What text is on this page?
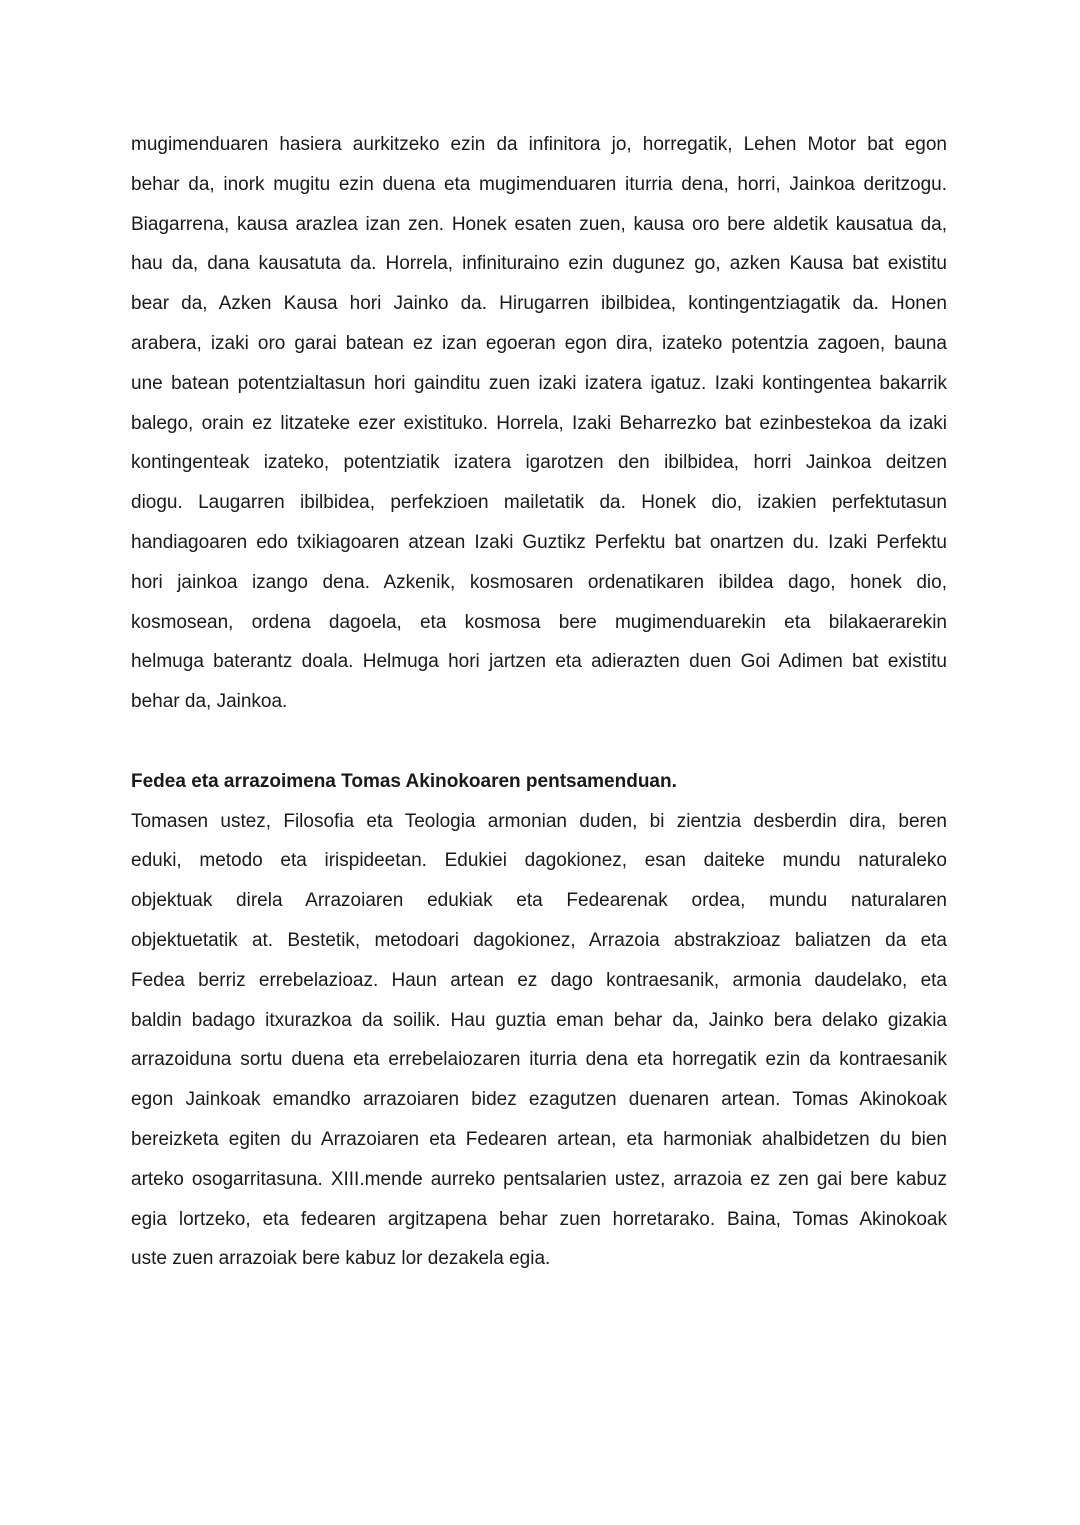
mugimenduaren hasiera aurkitzeko ezin da infinitora jo, horregatik, Lehen Motor bat egon
behar da, inork mugitu ezin duena eta mugimenduaren iturria dena, horri, Jainkoa deritzogu.
Biagarrena, kausa arazlea izan zen. Honek esaten zuen, kausa oro bere aldetik kausatua da,
hau da, dana kausatuta da. Horrela, infinituraino ezin dugunez go, azken Kausa bat existitu
bear da, Azken Kausa hori Jainko da. Hirugarren ibilbidea, kontingentziagatik da. Honen
arabera, izaki oro garai batean ez izan egoeran egon dira, izateko potentzia zagoen, bauna
une batean potentzialtasun hori gainditu zuen izaki izatera igatuz. Izaki kontingentea bakarrik
balego, orain ez litzateke ezer existituko. Horrela, Izaki Beharrezko bat ezinbestekoa da izaki
kontingenteak izateko, potentziatik izatera igarotzen den ibilbidea, horri Jainkoa deitzen
diogu. Laugarren ibilbidea, perfekzioen mailetatik da. Honek dio, izakien perfektutasun
handiagoaren edo txikiagoaren atzean Izaki Guztikz Perfektu bat onartzen du. Izaki Perfektu
hori jainkoa izango dena. Azkenik, kosmosaren ordenatikaren ibildea dago, honek dio,
kosmosean, ordena dagoela, eta kosmosa bere mugimenduarekin eta bilakaerarekin
helmuga baterantz doala. Helmuga hori jartzen eta adierazten duen Goi Adimen bat existitu
behar da, Jainkoa.
Fedea eta arrazoimena Tomas Akinokoaren pentsamenduan.
Tomasen ustez, Filosofia eta Teologia armonian duden, bi zientzia desberdin dira, beren
eduki, metodo eta irispideetan. Edukiei dagokionez, esan daiteke mundu naturaleko
objektuak direla Arrazoiaren edukiak eta Fedearenak ordea, mundu naturalaren
objektuetatik at. Bestetik, metodoari dagokionez, Arrazoia abstrakzioaz baliatzen da eta
Fedea berriz errebelazioaz. Haun artean ez dago kontraesanik, armonia daudelako, eta
baldin badago itxurazkoa da soilik. Hau guztia eman behar da, Jainko bera delako gizakia
arrazoiduna sortu duena eta errebelaiozaren iturria dena eta horregatik ezin da kontraesanik
egon Jainkoak emandko arrazoiaren bidez ezagutzen duenaren artean. Tomas Akinokoak
bereizketa egiten du Arrazoiaren eta Fedearen artean, eta harmoniak ahalbidetzen du bien
arteko osogarritasuna. XIII.mende aurreko pentsalarien ustez, arrazoia ez zen gai bere kabuz
egia lortzeko, eta fedearen argitzapena behar zuen horretarako. Baina, Tomas Akinokoak
uste zuen arrazoiak bere kabuz lor dezakela egia.
